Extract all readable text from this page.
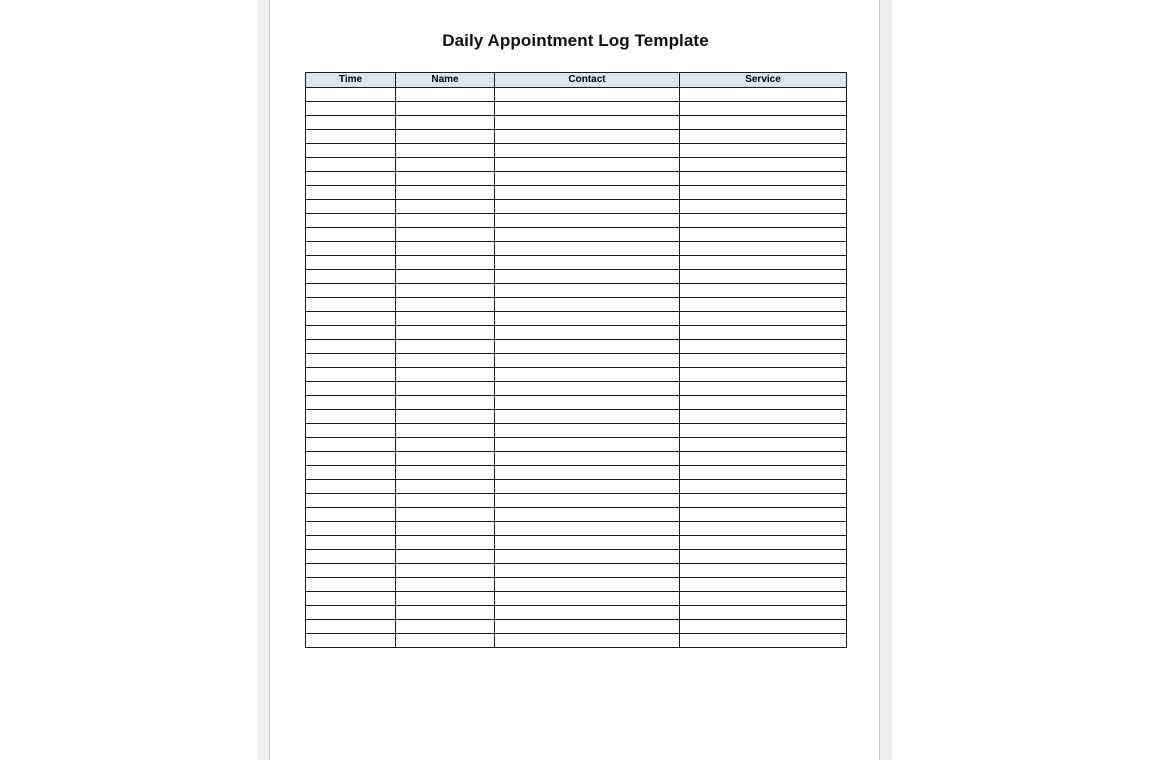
Daily Appointment Log Template
Time	Name	Contact	Service
